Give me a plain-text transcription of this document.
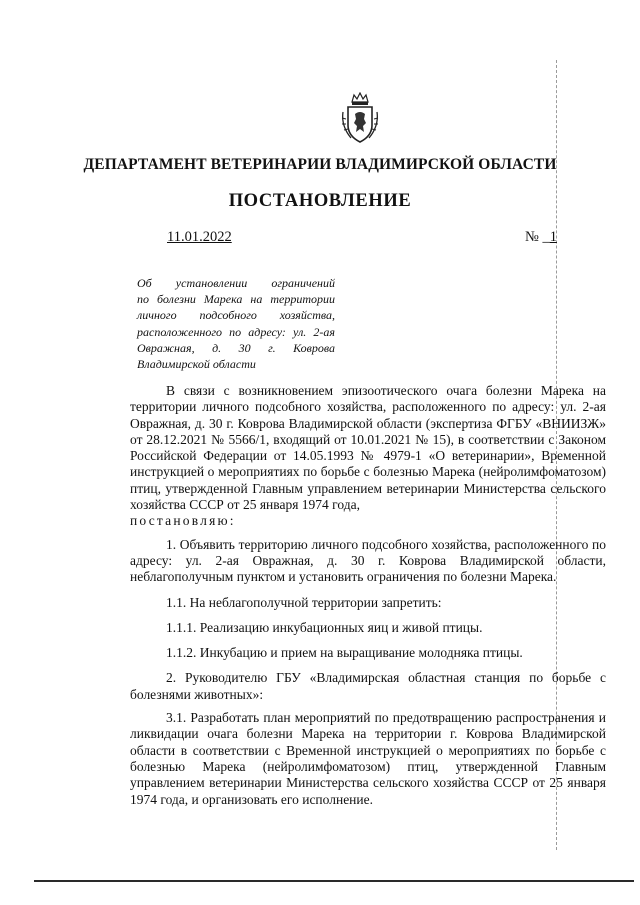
ДЕПАРТАМЕНТ ВЕТЕРИНАРИИ ВЛАДИМИРСКОЙ ОБЛАСТИ
ПОСТАНОВЛЕНИЕ
11.01.2022	№ _1
Об установлении ограничений
по болезни Марека на территории
личного подсобного хозяйства,
расположенного по адресу: ул. 2-ая
Овражная, д. 30 г. Коврова
Владимирской области

В связи с возникновением эпизоотического очага болезни Марека на территории личного подсобного хозяйства, расположенного по адресу: ул. 2-ая Овражная, д. 30 г. Коврова Владимирской области (экспертиза ФГБУ «ВНИИЗЖ» от 28.12.2021 № 5566/1, входящий от 10.01.2021 № 15), в соответствии с Законом Российской Федерации от 14.05.1993 № 4979-1 «О ветеринарии», Временной инструкцией о мероприятиях по борьбе с болезнью Марека (нейролимфоматозом) птиц, утвержденной Главным управлением ветеринарии Министерства сельского хозяйства СССР от 25 января 1974 года,

постановляю:

1. Объявить территорию личного подсобного хозяйства, расположенного по адресу: ул. 2-ая Овражная, д. 30 г. Коврова Владимирской области, неблагополучным пунктом и установить ограничения по болезни Марека.

1.1. На неблагополучной территории запретить:

1.1.1. Реализацию инкубационных яиц и живой птицы.

1.1.2. Инкубацию и прием на выращивание молодняка птицы.

2. Руководителю ГБУ «Владимирская областная станция по борьбе с болезнями животных»:

3.1. Разработать план мероприятий по предотвращению распространения и ликвидации очага болезни Марека на территории г. Коврова Владимирской области в соответствии с Временной инструкцией о мероприятиях по борьбе с болезнью Марека (нейролимфоматозом) птиц, утвержденной Главным управлением ветеринарии Министерства сельского хозяйства СССР от 25 января 1974 года, и организовать его исполнение.
